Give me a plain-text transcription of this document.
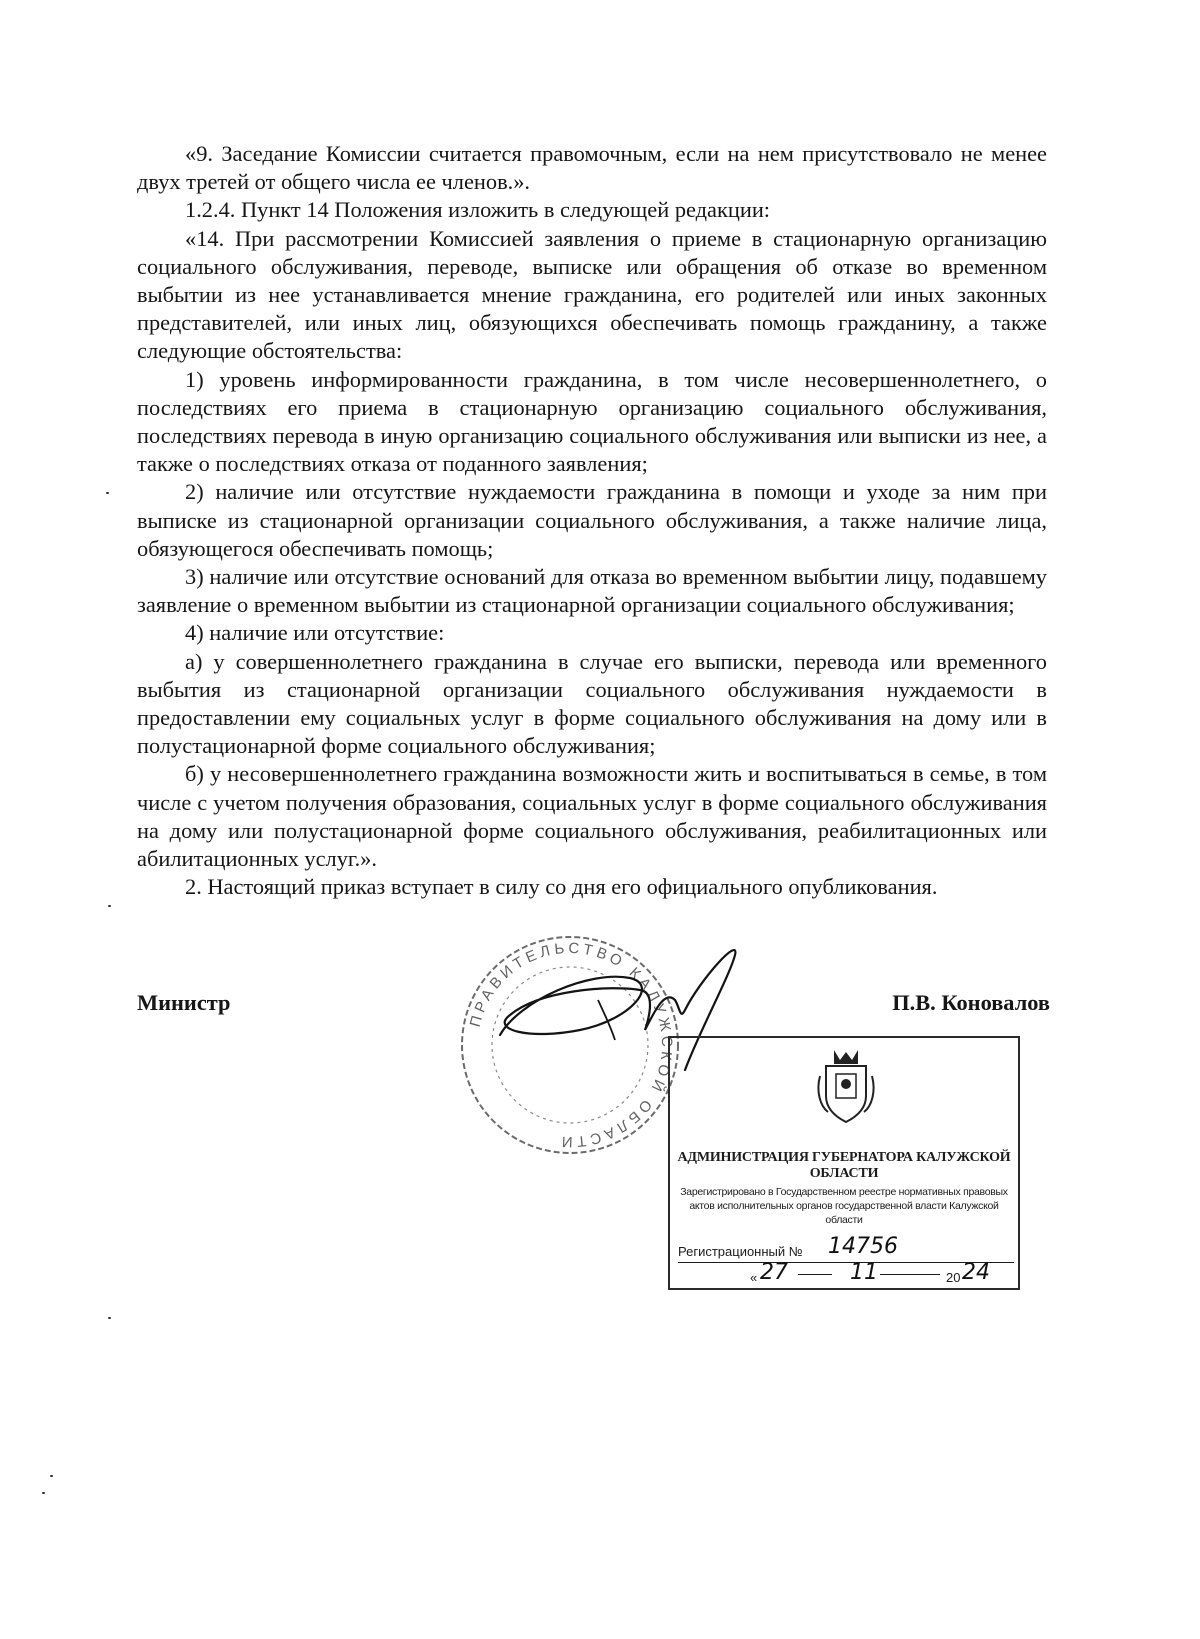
«9. Заседание Комиссии считается правомочным, если на нем присутствовало не менее двух третей от общего числа ее членов.».

1.2.4. Пункт 14 Положения изложить в следующей редакции:

«14. При рассмотрении Комиссией заявления о приеме в стационарную организацию социального обслуживания, переводе, выписке или обращения об отказе во временном выбытии из нее устанавливается мнение гражданина, его родителей или иных законных представителей, или иных лиц, обязующихся обеспечивать помощь гражданину, а также следующие обстоятельства:

1) уровень информированности гражданина, в том числе несовершеннолетнего, о последствиях его приема в стационарную организацию социального обслуживания, последствиях перевода в иную организацию социального обслуживания или выписки из нее, а также о последствиях отказа от поданного заявления;

2) наличие или отсутствие нуждаемости гражданина в помощи и уходе за ним при выписке из стационарной организации социального обслуживания, а также наличие лица, обязующегося обеспечивать помощь;

3) наличие или отсутствие оснований для отказа во временном выбытии лицу, подавшему заявление о временном выбытии из стационарной организации социального обслуживания;

4) наличие или отсутствие:

а) у совершеннолетнего гражданина в случае его выписки, перевода или временного выбытия из стационарной организации социального обслуживания нуждаемости в предоставлении ему социальных услуг в форме социального обслуживания на дому или в полустационарной форме социального обслуживания;

б) у несовершеннолетнего гражданина возможности жить и воспитываться в семье, в том числе с учетом получения образования, социальных услуг в форме социального обслуживания на дому или полустационарной форме социального обслуживания, реабилитационных или абилитационных услуг.».

2. Настоящий приказ вступает в силу со дня его официального опубликования.

Министр	П.В. Коновалов
ПРАВИТЕЛЬСТВО КАЛУЖСКОЙ ОБЛАСТИ
АДМИНИСТРАЦИЯ ГУБЕРНАТОРА КАЛУЖСКОЙ ОБЛАСТИ
Зарегистрировано в Государственном реестре нормативных правовых актов исполнительных органов государственной власти Калужской области
Регистрационный № 14756
« 27	11	20 24
